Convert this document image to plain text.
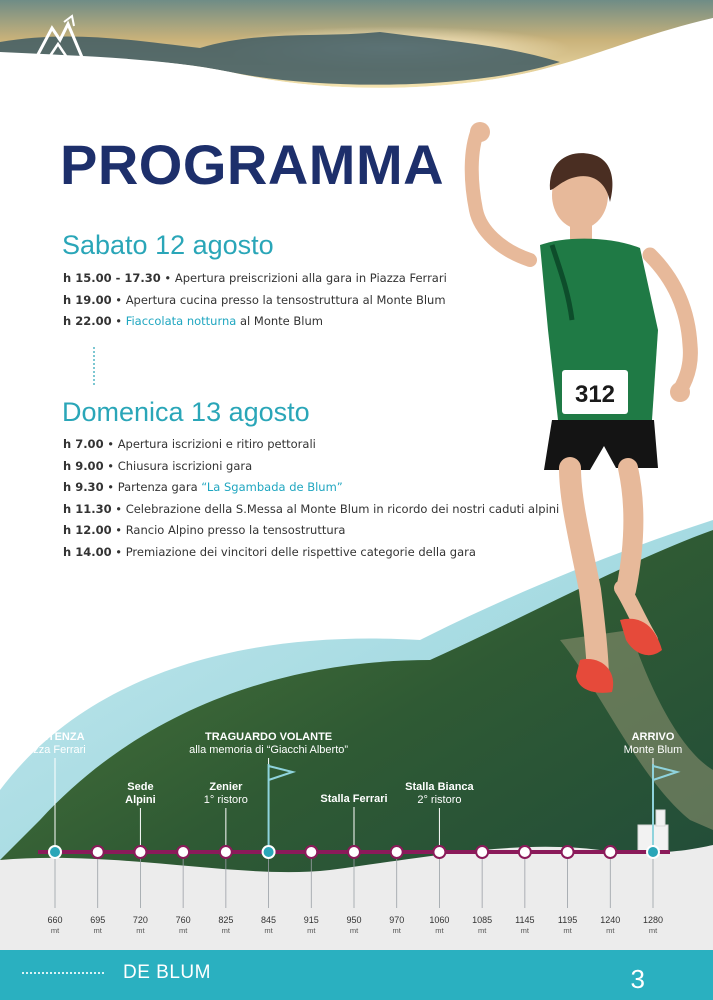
312
PROGRAMMA
Sabato 12 agosto
h 15.00 - 17.30 • Apertura preiscrizioni alla gara in Piazza Ferrari
h 19.00 • Apertura cucina presso la tensostruttura al Monte Blum
h 22.00 • Fiaccolata notturna al Monte Blum
Domenica 13 agosto
h 7.00 • Apertura iscrizioni e ritiro pettorali
h 9.00 • Chiusura iscrizioni gara
h 9.30 • Partenza gara “La Sgambada de Blum”
h 11.30 • Celebrazione della S.Messa al Monte Blum in ricordo dei nostri caduti alpini
h 12.00 • Rancio Alpino presso la tensostruttura
h 14.00 • Premiazione dei vincitori delle rispettive categorie della gara
PARTENZA
P.zza Ferrari
Sede
Alpini
Zenier
1° ristoro
TRAGUARDO VOLANTE
alla memoria di “Giacchi Alberto”
Stalla Ferrari
Stalla Bianca
2° ristoro
ARRIVO
Monte Blum
660
mt
695
mt
720
mt
760
mt
825
mt
845
mt
915
mt
950
mt
970
mt
1060
mt
1085
mt
1145
mt
1195
mt
1240
mt
1280
mt
DE BLUM	3
